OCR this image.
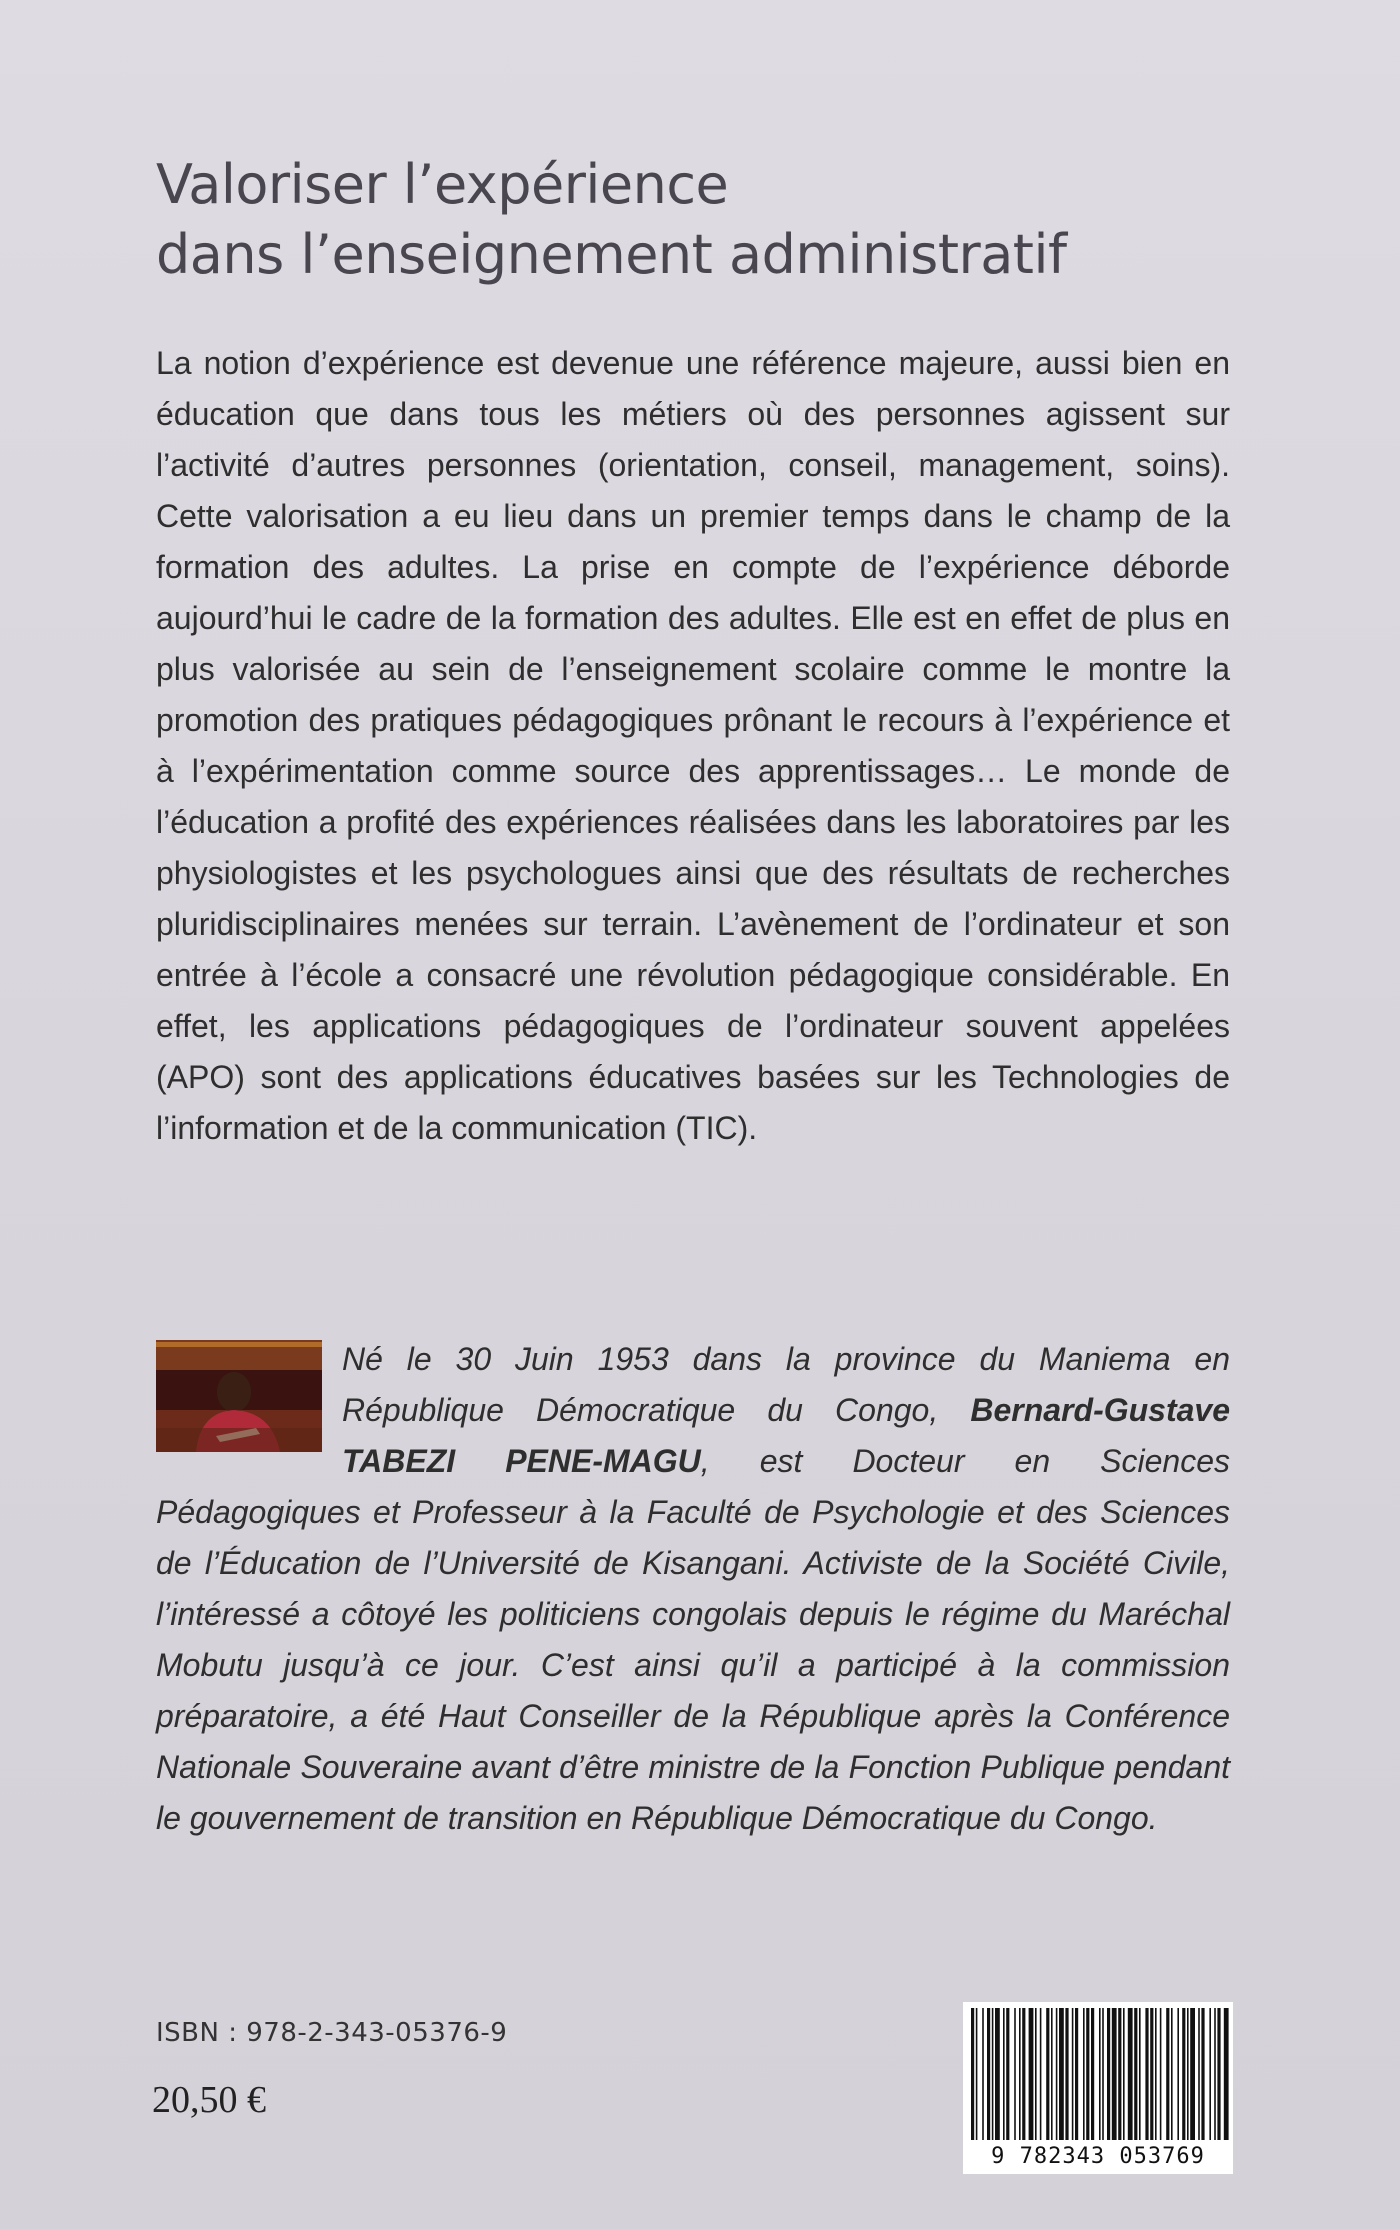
Valoriser l’expérience
dans l’enseignement administratif

La notion d’expérience est devenue une référence majeure, aussi bien en éducation que dans tous les métiers où des personnes agissent sur l’activité d’autres personnes (orientation, conseil, management, soins). Cette valorisation a eu lieu dans un premier temps dans le champ de la formation des adultes. La prise en compte de l’expérience déborde aujourd’hui le cadre de la formation des adultes. Elle est en effet de plus en plus valorisée au sein de l’enseignement scolaire comme le montre la promotion des pratiques pédagogiques prônant le recours à l’expérience et à l’expérimentation comme source des apprentissages… Le monde de l’éducation a profité des expériences réalisées dans les laboratoires par les physiologistes et les psychologues ainsi que des résultats de recherches pluridisciplinaires menées sur terrain. L’avènement de l’ordinateur et son entrée à l’école a consacré une révolution pédagogique considérable. En effet, les applications pédagogiques de l’ordinateur souvent appelées (APO) sont des applications éducatives basées sur les Technologies de l’information et de la communication (TIC).

Né le 30 Juin 1953 dans la province du Maniema en République Démocratique du Congo, Bernard-Gustave TABEZI PENE-MAGU, est Docteur en Sciences Pédagogiques et Professeur à la Faculté de Psychologie et des Sciences de l’Éducation de l’Université de Kisangani. Activiste de la Société Civile, l’intéressé a côtoyé les politiciens congolais depuis le régime du Maréchal Mobutu jusqu’à ce jour. C’est ainsi qu’il a participé à la commission préparatoire, a été Haut Conseiller de la République après la Conférence Nationale Souveraine avant d’être ministre de la Fonction Publique pendant le gouvernement de transition en République Démocratique du Congo.

ISBN : 978-2-343-05376-9
20,50 €
9 782343 053769
